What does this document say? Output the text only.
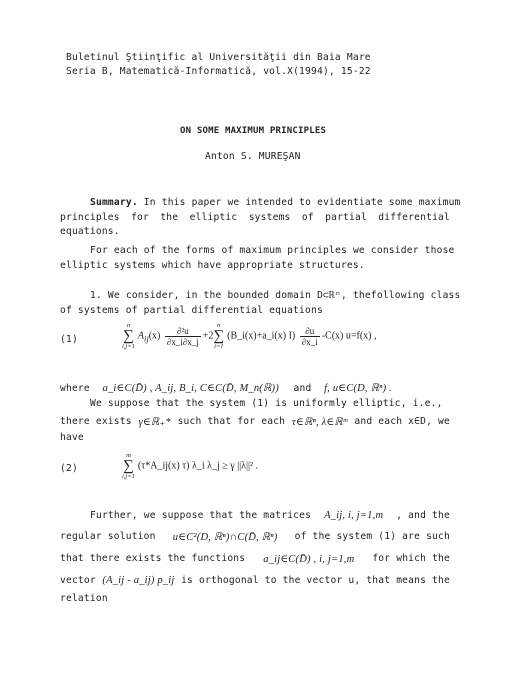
Buletinul Ştiinţific al Universităţii din Baia Mare
Seria B, Matematică-Informatică, vol.X(1994), 15-22
ON SOME MAXIMUM PRINCIPLES
Anton S. MUREŞAN
Summary. In this paper we intended to evidentiate some maximum
principles for the elliptic systems of partial differential
equations.
For each of the forms of maximum principles we consider those
elliptic systems which have appropriate structures.
1. We consider, in the bounded domain D⊂ℝⁿ, thefollowing class
of systems of partial differential equations
(1)
n
∑
i,j=1
$A_{ij}(x) \frac{\text{∂²u}}{\partial x\_i\partial x\_j} +2$
n
∑
i=1
(B_i(x)+a_i(x) $I) \frac{\partial u}{\partial x\_i} -C(x)$ u=f(x) ,
where a_i∈C(D̄) , A_ij, B_i, C∈C(D̄, M_n(ℝ)) and f, u∈C(D, ℝⁿ) .
We suppose that the system (1) is uniformly elliptic, i.e.,
there exists γ∈ℝ₊* such that for each τ∈ℝⁿ, λ∈ℝᵐ and each x∈D, we
have
(2)
m
∑
i,j=1
(τ*A_ij(x) τ) λ_i λ_j ≥ γ ||λ||² .
Further, we suppose that the matrices A_ij, i, j=1,m , and the
regular solution u∈C²(D, ℝⁿ)∩C(D̄, ℝⁿ) of the system (1) are such
that there exists the functions a_ij∈C(D̄) , i, j=1,m for which the
vector (A_ij - a_ij) p_ij is orthogonal to the vector u, that means the
relation
